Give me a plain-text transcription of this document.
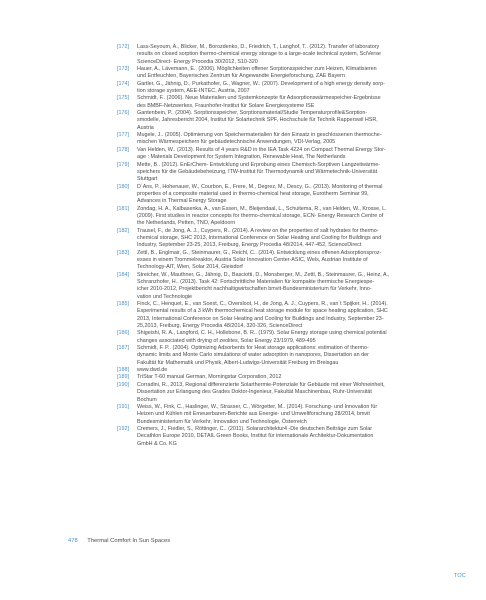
[172]	Lass-Seyoum, A., Blicker, M., Borozdenko, D., Friedrich, T., Langhof, T.. (2012). Transfer of laboratory
results on closed sorption thermo-chemical energy storage to a large-scale technical system, SciVerse
ScienceDirect- Energy Procedia 30/2012, S10-320
[173]	Hauer, A., Lävemann, E.. (2006). Möglichkeiten offener Sorptionsspeicher zum Heizen, Klimatisieren
und Entfeuchten, Bayerisches Zentrum für Angewandte Energieforschung, ZAE Bayern
[174]	Gartler, G., Jähnig, D., Purkathofer, G., Wagner, W.. (2007). Development of a high energy density sorp-
tion storage system, AEE-INTEC, Austria, 2007
[175]	Schmidt, F.. (2006). Neue Materialien und Systemkonzepte für Adsorptionswärmespeicher-Ergebnisse
des BMBF-Netzwerkes, Fraunhofer-Institut für Solare Energiesysteme ISE
[176]	Gantenbein, P.. (2004). Sorptionsspeicher, Sorptionsmaterial/Studie Temperaturprofile&Sorption-
smodelle, Jahresbericht 2004, Institut für Solartechnik SPF, Hochschule für Technik Rapperswil HSR,
Austria
[177]	Mugele, J.. (2005). Optimierung von Speichermaterialien für den Einsatz in geschlossenen thermoche-
mischen Wärmespeichern für gebäudetechnische Anwendungen, VDI-Verlag, 2005
[178]	Van Helden, W.. (2013). Results of 4 years R&D in the IEA Task 4224 on Compact Thermal Energy Stor-
age : Materials Development for System Integration, Renewable Heat, The Netherlands
[179]	Mette, B.. (2012). EnErChem- Entwicklung und Erprobung eines Chemisch-Sorptiven Langzeitwärme-
speichers für die Gebäudebeheizung, ITW-Institut für Thermodynamik und Wärmetechnik-Universität
Stuttgart
[180]	D´Ans, P., Hohenauer, W., Courbon, E., Frere, M., Degrez, M., Descy, G.. (2013). Monitoring of thermal
properties of a composite material used in thermo-chemical heat storage, Eurotherm Seminar 99,
Advances in Thermal Energy Storage
[181]	Zondag, H. A., Kalbasenka, A., van Essen, M., Bleijendaal, L., Schuitema, R., van Helden, W., Krosse, L.
(2009). First studies in reactor concepts for thermo-chemical storage, ECN- Energy Research Centre of
the Netherlands, Petten, TNO, Apeldoorn
[182]	Trausel, F., de Jong, A. J., Cuypers, R.. (2014). A review on the properties of salt hydrates for thermo-
chemical storage, SHC 2013, International Conference on Solar Heating and Cooling for Buildings and
Industry, September 23-25, 2013, Freiburg, Energy Procedia 48/2014, 447-452, ScienceDirect
[183]	Zettl, B., Englmair, G., Steinmaurer, G., Reichl, C.. (2014). Entwicklung eines offenen Adsorptionsproz-
esses in einem Trommelreaktor, Austria Solar Innovation Center-ASIC, Wels, Austrian Institute of
Technology-AIT, Wien, Solar 2014, Gleisdorf
[184]	Streicher, W., Mauthner, G., Jähnig, D., Basciotti, D., Monsberger, M., Zettl, B., Steinmaurer, G., Heinz, A.,
Schranzhofer, H.. (2013). Task 42: Fortschrittliche Materialien für kompakte thermische Energiespe-
icher 2010-2012, Projektbericht nachhaltigwirtschaften bmvit-Bundesministerium für Verkehr, Inno-
vation und Technologie
[185]	Finck, C., Henquet, E., van Soest, C., Oversloot, H., de Jong, A. J., Cuypers, R., van´t Spijker, H.. (2014).
Experimental results of a 3 kWh thermochemical heat storage module for space heating application, SHC
2013, International Conference on Solar Heating and Cooling for Buildings and Industry, September 23-
25,2013, Freiburg, Energy Procedia 48/2014, 320-326, ScienceDirect
[186]	Shigeishi, R. A., Langford, C. H., Hollebone, B. R.. (1979). Solar Energy storage using chemical potential
changes associated with drying of zeolites, Solar Energy 23/1979, 489-495
[187]	Schmidt, F. P.. (2004). Optimizing Adsorbents for Heat storage applications: estimation of thermo-
dynamic limits and Monte Carlo simulations of water adsorption in nanopores, Dissertation an der
Fakultät für Mathematik und Physik, Albert-Ludwigs-Universität Freiburg im Breisgau
[188]	www.dwd.de
[189]	TriStar T-60 manual German, Morningstar Corporation, 2012
[190]	Corradini, R., 2013, Regional differenzierte Solarthermie-Potenziale für Gebäude mit einer Wohneinheit,
Dissertation zur Erlangung des Grades Doktor-Ingenieur, Fakultät Maschinenbau, Ruhr-Universität
Bochum
[191]	Weiss, W., Fink, C., Haslinger, W., Strasser, C., Wörgetter, M.. (2014). Forschung- und Innovation für
Heizen und Kühlen mit Erneuerbaren-Berichte aus Energie- und Umweltforschung 28/2014, bmvit
Bundesministerium für Verkehr, Innovation und Technologie, Österreich
[192]	Cremers, J., Fiedler, S., Röttinger, C.. (2011). Solararchitektur4 -Die deutschen Beiträge zum Solar
Decathlon Europe 2010, DETAIL Green Books, Institut für internationale Architektur-Dokumentation
GmbH & Co. KG
478 Thermal Comfort In Sun Spaces
TOC
